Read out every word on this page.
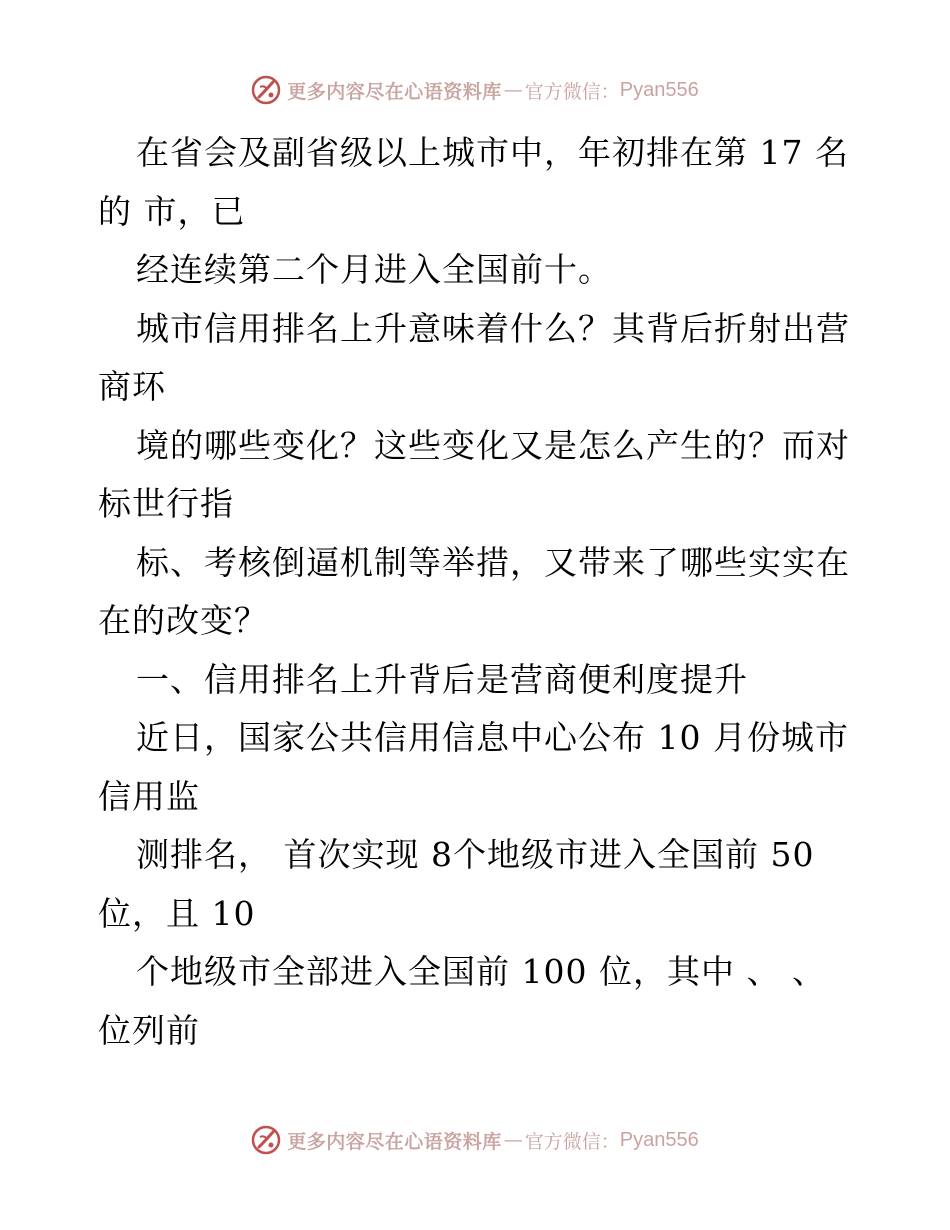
更多内容尽在心语资料库 — 官方微信： Pyan556
在省会及副省级以上城市中，年初排在第 17 名
的 市，已
经连续第二个月进入全国前十。
城市信用排名上升意味着什么？其背后折射出营
商环
境的哪些变化？这些变化又是怎么产生的？而对
标世行指
标、考核倒逼机制等举措，又带来了哪些实实在
在的改变？
一、信用排名上升背后是营商便利度提升
近日，国家公共信用信息中心公布 10 月份城市
信用监
测排名， 首次实现 8个地级市进入全国前 50
位，且 10
个地级市全部进入全国前 100 位，其中 、 、
位列前
更多内容尽在心语资料库 — 官方微信： Pyan556
